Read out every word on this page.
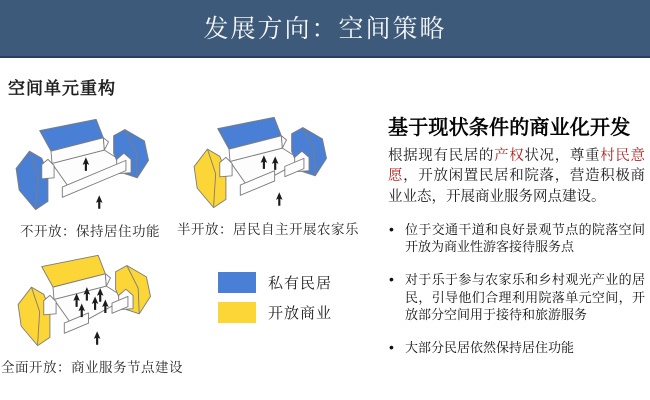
发展方向：空间策略
空间单元重构
不开放：保持居住功能 半开放：居民自主开展农家乐
全面开放：商业服务节点建设
私有民居
开放商业
基于现状条件的商业化开发

根据现有民居的产权状况，尊重村民意愿，开放闲置民居和院落，营造积极商业业态，开展商业服务网点建设。

• 位于交通干道和良好景观节点的院落空间开放为商业性游客接待服务点
• 对于乐于参与农家乐和乡村观光产业的居民，引导他们合理利用院落单元空间，开放部分空间用于接待和旅游服务
• 大部分民居依然保持居住功能
